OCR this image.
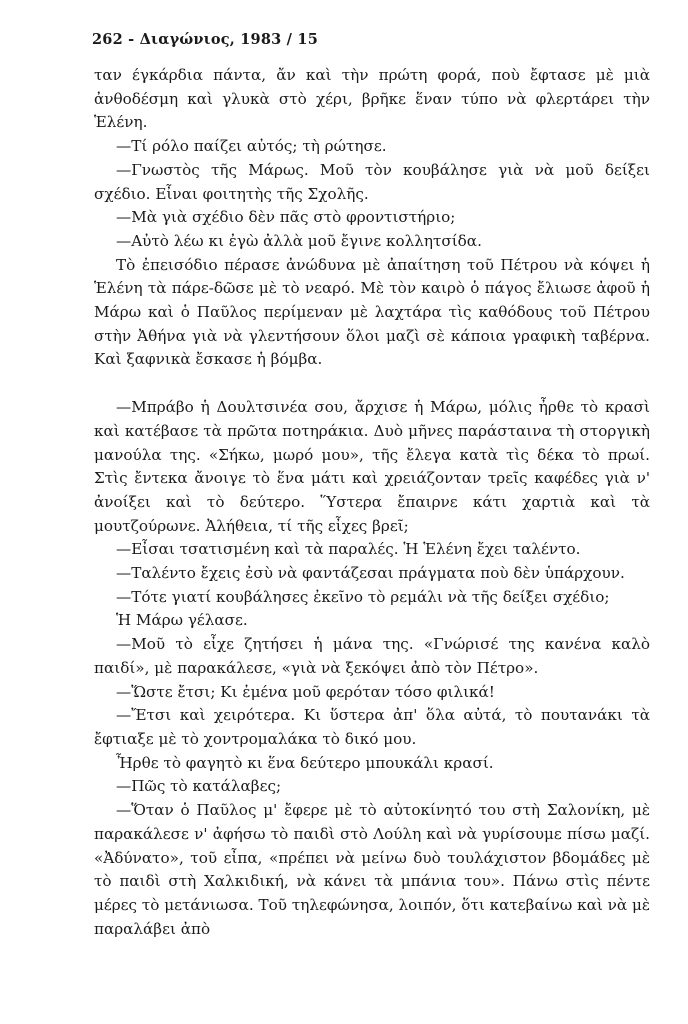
262 - Διαγώνιος, 1983 / 15
ταν έγκάρδια πάντα, ἄν καὶ τὴν πρώτη φορά, ποὺ ἔφτασε μὲ μιὰ ἀνθοδέσμη καὶ γλυκὰ στὸ χέρι, βρῆκε ἕναν τύπο νὰ φλερτάρει τὴν Ἑλένη.
—Τί ρόλο παίζει αὐτός; τὴ ρώτησε.
—Γνωστὸς τῆς Μάρως. Μοῦ τὸν κουβάλησε γιὰ νὰ μοῦ δείξει σχέδιο. Εἶναι φοιτητὴς τῆς Σχολῆς.
—Μὰ γιὰ σχέδιο δὲν πᾶς στὸ φροντιστήριο;
—Αὐτὸ λέω κι ἐγὼ ἀλλὰ μοῦ ἔγινε κολλητσίδα.
Τὸ ἐπεισόδιο πέρασε ἀνώδυνα μὲ ἀπαίτηση τοῦ Πέτρου νὰ κόψει ἡ Ἑλένη τὰ πάρε-δῶσε μὲ τὸ νεαρό. Μὲ τὸν καιρὸ ὁ πάγος ἔλιωσε ἀφοῦ ἡ Μάρω καὶ ὁ Παῦλος περίμεναν μὲ λαχτάρα τὶς καθόδους τοῦ Πέτρου στὴν Ἀθήνα γιὰ νὰ γλεντήσουν ὅλοι μαζὶ σὲ κάποια γραφικὴ ταβέρνα. Καὶ ξαφνικὰ ἔσκασε ἡ βόμβα.
—Μπράβο ἡ Δουλτσινέα σου, ἄρχισε ἡ Μάρω, μόλις ἦρθε τὸ κρασὶ καὶ κατέβασε τὰ πρῶτα ποτηράκια. Δυὸ μῆνες παράσταινα τὴ στοργικὴ μανούλα της. «Σήκω, μωρό μου», τῆς ἔλεγα κατὰ τὶς δέκα τὸ πρωί. Στὶς ἔντεκα ἄνοιγε τὸ ἕνα μάτι καὶ χρειάζονταν τρεῖς καφέδες γιὰ ν' ἀνοίξει καὶ τὸ δεύτερο. Ὕστερα ἔπαιρνε κάτι χαρτιὰ καὶ τὰ μουτζούρωνε. Ἀλήθεια, τί τῆς εἶχες βρεῖ;
—Εἶσαι τσατισμένη καὶ τὰ παραλές. Ἡ Ἑλένη ἔχει ταλέντο.
—Ταλέντο ἔχεις ἐσὺ νὰ φαντάζεσαι πράγματα ποὺ δὲν ὑπάρχουν.
—Τότε γιατί κουβάλησες ἐκεῖνο τὸ ρεμάλι νὰ τῆς δείξει σχέδιο;
Ἡ Μάρω γέλασε.
—Μοῦ τὸ εἶχε ζητήσει ἡ μάνα της. «Γνώρισέ της κανένα καλὸ παιδί», μὲ παρακάλεσε, «γιὰ νὰ ξεκόψει ἀπὸ τὸν Πέτρο».
—Ὥστε ἔτσι; Κι ἐμένα μοῦ φερόταν τόσο φιλικά!
—Ἔτσι καὶ χειρότερα. Κι ὕστερα ἀπ' ὅλα αὐτά, τὸ πουτανάκι τὰ ἔφτιαξε μὲ τὸ χοντρομαλάκα τὸ δικό μου.
Ἦρθε τὸ φαγητὸ κι ἕνα δεύτερο μπουκάλι κρασί.
—Πῶς τὸ κατάλαβες;
—Ὅταν ὁ Παῦλος μ' ἔφερε μὲ τὸ αὐτοκίνητό του στὴ Σαλονίκη, μὲ παρακάλεσε ν' ἀφήσω τὸ παιδὶ στὸ Λούλη καὶ νὰ γυρίσουμε πίσω μαζί. «Ἀδύνατο», τοῦ εἶπα, «πρέπει νὰ μείνω δυὸ τουλάχιστον βδομάδες μὲ τὸ παιδὶ στὴ Χαλκιδική, νὰ κάνει τὰ μπάνια του». Πάνω στὶς πέντε μέρες τὸ μετάνιωσα. Τοῦ τηλεφώνησα, λοιπόν, ὅτι κατεβαίνω καὶ νὰ μὲ παραλάβει ἀπὸ
